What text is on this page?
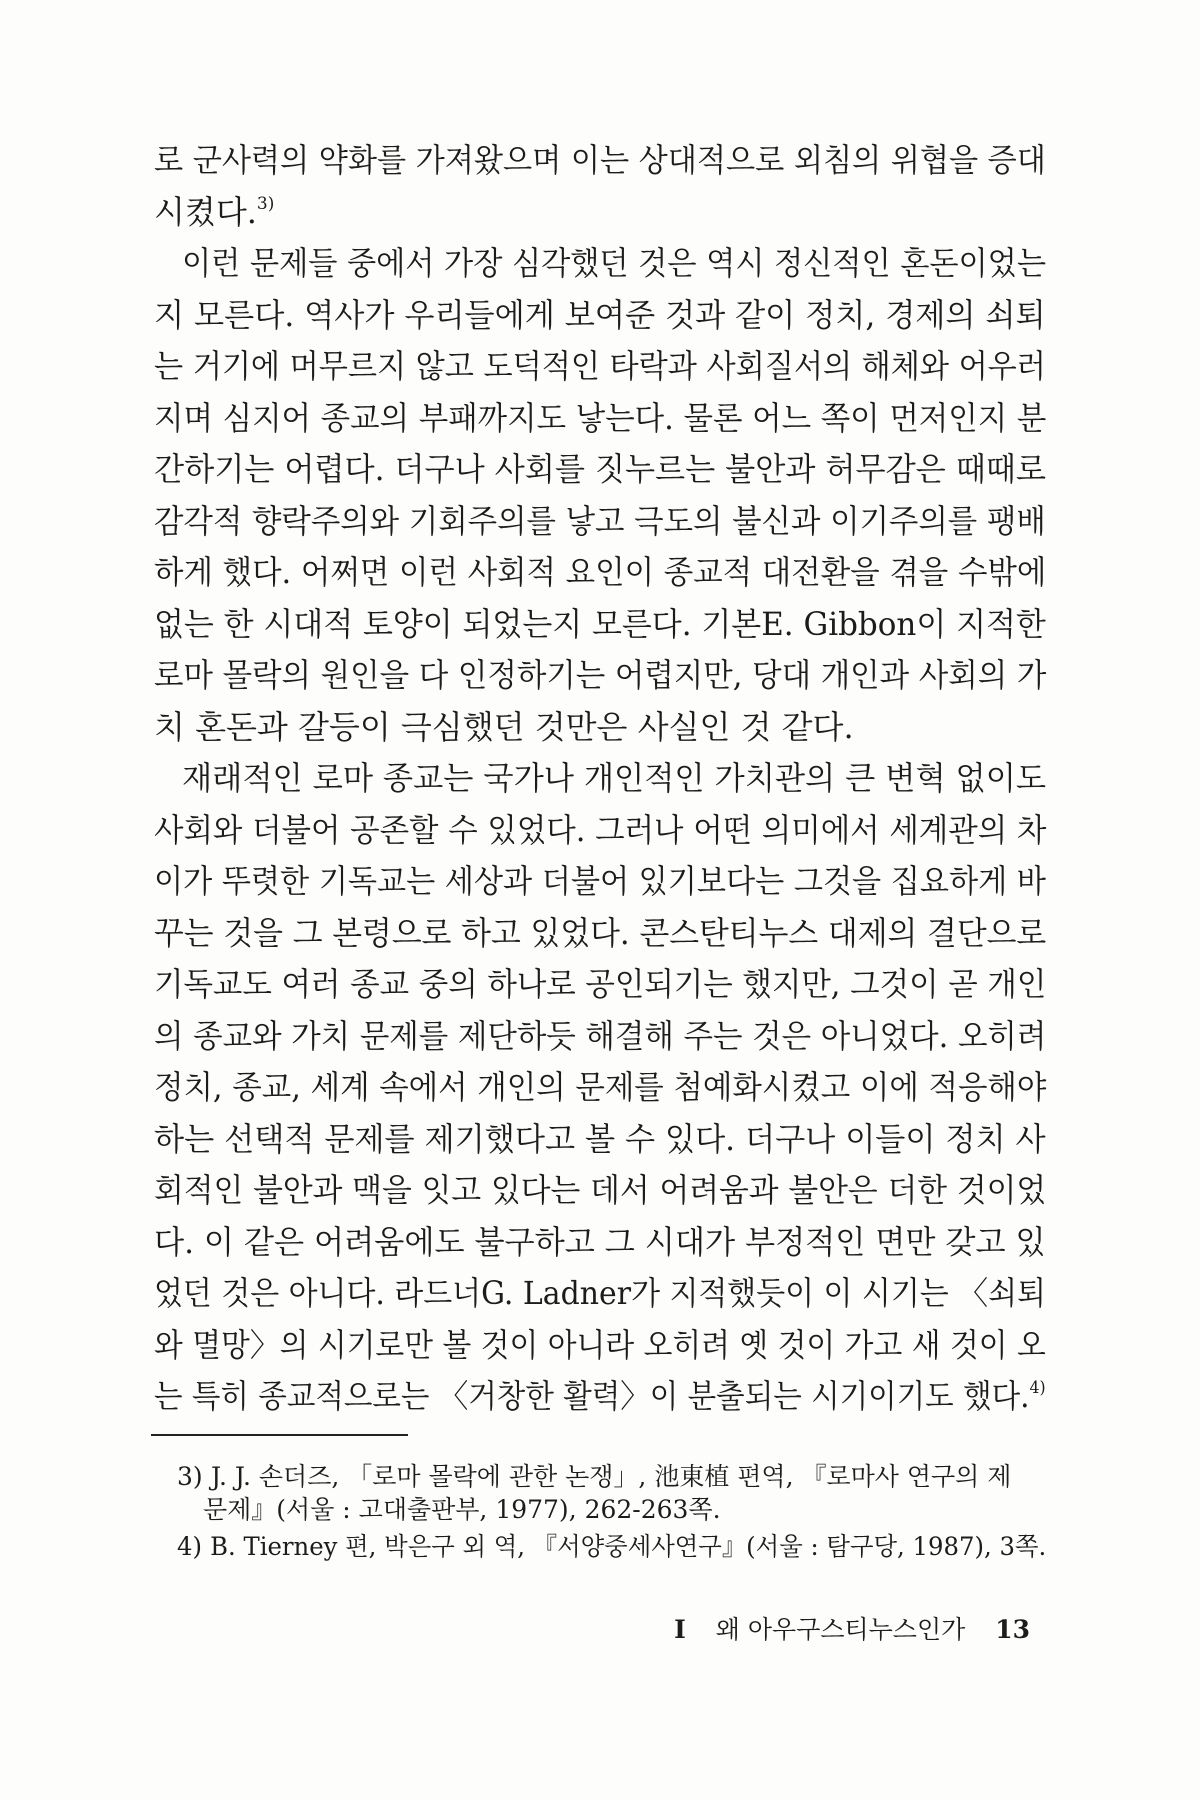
로 군사력의 약화를 가져왔으며 이는 상대적으로 외침의 위협을 증대
시켰다.$^{3)}$
이런 문제들 중에서 가장 심각했던 것은 역시 정신적인 혼돈이었는
지 모른다. 역사가 우리들에게 보여준 것과 같이 정치, 경제의 쇠퇴
는 거기에 머무르지 않고 도덕적인 타락과 사회질서의 해체와 어우러
지며 심지어 종교의 부패까지도 낳는다. 물론 어느 쪽이 먼저인지 분
간하기는 어렵다. 더구나 사회를 짓누르는 불안과 허무감은 때때로
감각적 향락주의와 기회주의를 낳고 극도의 불신과 이기주의를 팽배
하게 했다. 어쩌면 이런 사회적 요인이 종교적 대전환을 겪을 수밖에
없는 한 시대적 토양이 되었는지 모른다. 기본E. Gibbon이 지적한
로마 몰락의 원인을 다 인정하기는 어렵지만, 당대 개인과 사회의 가
치 혼돈과 갈등이 극심했던 것만은 사실인 것 같다.
재래적인 로마 종교는 국가나 개인적인 가치관의 큰 변혁 없이도
사회와 더불어 공존할 수 있었다. 그러나 어떤 의미에서 세계관의 차
이가 뚜렷한 기독교는 세상과 더불어 있기보다는 그것을 집요하게 바
꾸는 것을 그 본령으로 하고 있었다. 콘스탄티누스 대제의 결단으로
기독교도 여러 종교 중의 하나로 공인되기는 했지만, 그것이 곧 개인
의 종교와 가치 문제를 제단하듯 해결해 주는 것은 아니었다. 오히려
정치, 종교, 세계 속에서 개인의 문제를 첨예화시켰고 이에 적응해야
하는 선택적 문제를 제기했다고 볼 수 있다. 더구나 이들이 정치 사
회적인 불안과 맥을 잇고 있다는 데서 어려움과 불안은 더한 것이었
다. 이 같은 어려움에도 불구하고 그 시대가 부정적인 면만 갖고 있
었던 것은 아니다. 라드너G. Ladner가 지적했듯이 이 시기는 〈쇠퇴
와 멸망〉의 시기로만 볼 것이 아니라 오히려 옛 것이 가고 새 것이 오
는 특히 종교적으로는 〈거창한 활력〉이 분출되는 시기이기도 했다.$^{4)}$
3) J. J. 손더즈, 「로마 몰락에 관한 논쟁」, 池東植 편역, 『로마사 연구의 제
문제』(서울 : 고대출판부, 1977), 262-263쪽.
4) B. Tierney 편, 박은구 외 역, 『서양중세사연구』(서울 : 탐구당, 1987), 3쪽.
I 왜 아우구스티누스인가 13
